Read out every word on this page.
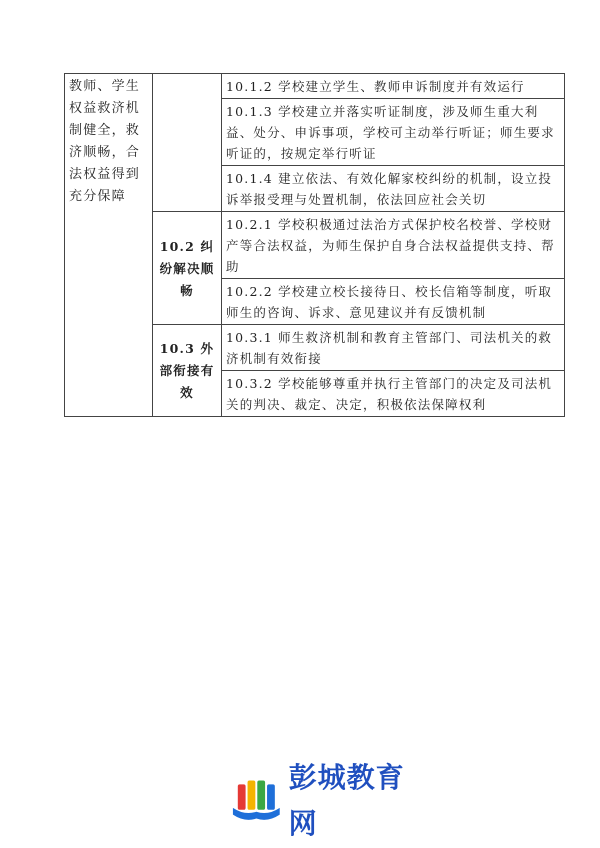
教师、学生权益救济机制健全，救济顺畅，合法权益得到充分保障		10.1.2 学校建立学生、教师申诉制度并有效运行
		10.1.3 学校建立并落实听证制度，涉及师生重大利益、处分、申诉事项，学校可主动举行听证；师生要求听证的，按规定举行听证
		10.1.4 建立依法、有效化解家校纠纷的机制，设立投诉举报受理与处置机制，依法回应社会关切
	10.2 纠纷解决顺畅	10.2.1 学校积极通过法治方式保护校名校誉、学校财产等合法权益，为师生保护自身合法权益提供支持、帮助
		10.2.2 学校建立校长接待日、校长信箱等制度，听取师生的咨询、诉求、意见建议并有反馈机制
	10.3 外部衔接有效	10.3.1 师生救济机制和教育主管部门、司法机关的救济机制有效衔接
		10.3.2 学校能够尊重并执行主管部门的决定及司法机关的判决、裁定、决定，积极依法保障权利
彭城教育网
